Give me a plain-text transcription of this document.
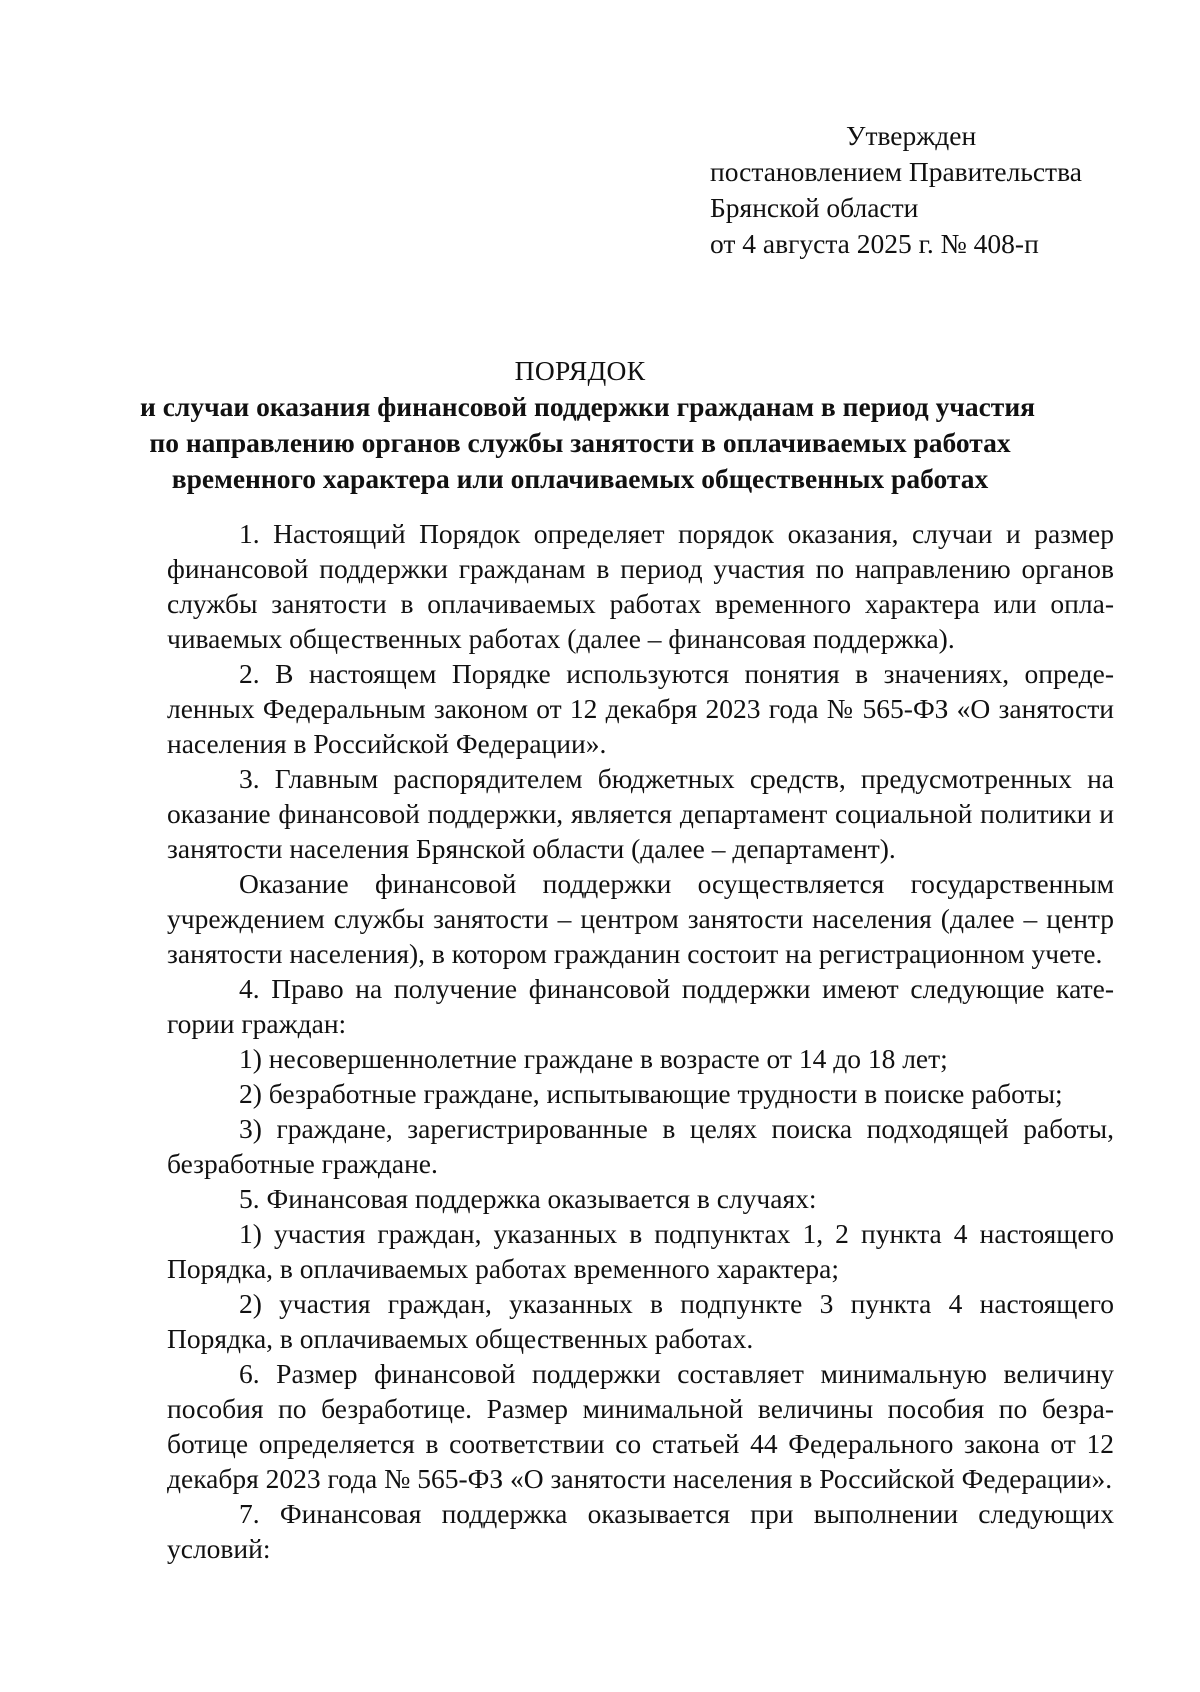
Утвержден
постановлением Правительства
Брянской области
от 4 августа 2025 г. № 408-п
ПОРЯДОК
и случаи оказания финансовой поддержки гражданам в период участия
по направлению органов службы занятости в оплачиваемых работах
временного характера или оплачиваемых общественных работах

1. Настоящий Порядок определяет порядок оказания, случаи и размер финансовой поддержки гражданам в период участия по направлению органов службы занятости в оплачиваемых работах временного характера или оплачиваемых общественных работах (далее – финансовая поддержка).

2. В настоящем Порядке используются понятия в значениях, определенных Федеральным законом от 12 декабря 2023 года № 565-ФЗ «О занятости населения в Российской Федерации».

3. Главным распорядителем бюджетных средств, предусмотренных на оказание финансовой поддержки, является департамент социальной политики и занятости населения Брянской области (далее – департамент).

Оказание финансовой поддержки осуществляется государственным учреждением службы занятости – центром занятости населения (далее – центр занятости населения), в котором гражданин состоит на регистрационном учете.

4. Право на получение финансовой поддержки имеют следующие категории граждан:

1) несовершеннолетние граждане в возрасте от 14 до 18 лет;

2) безработные граждане, испытывающие трудности в поиске работы;

3) граждане, зарегистрированные в целях поиска подходящей работы, безработные граждане.

5. Финансовая поддержка оказывается в случаях:

1) участия граждан, указанных в подпунктах 1, 2 пункта 4 настоящего Порядка, в оплачиваемых работах временного характера;

2) участия граждан, указанных в подпункте 3 пункта 4 настоящего Порядка, в оплачиваемых общественных работах.

6. Размер финансовой поддержки составляет минимальную величину пособия по безработице. Размер минимальной величины пособия по безработице определяется в соответствии со статьей 44 Федерального закона от 12 декабря 2023 года № 565-ФЗ «О занятости населения в Российской Федерации».

7. Финансовая поддержка оказывается при выполнении следующих условий:
